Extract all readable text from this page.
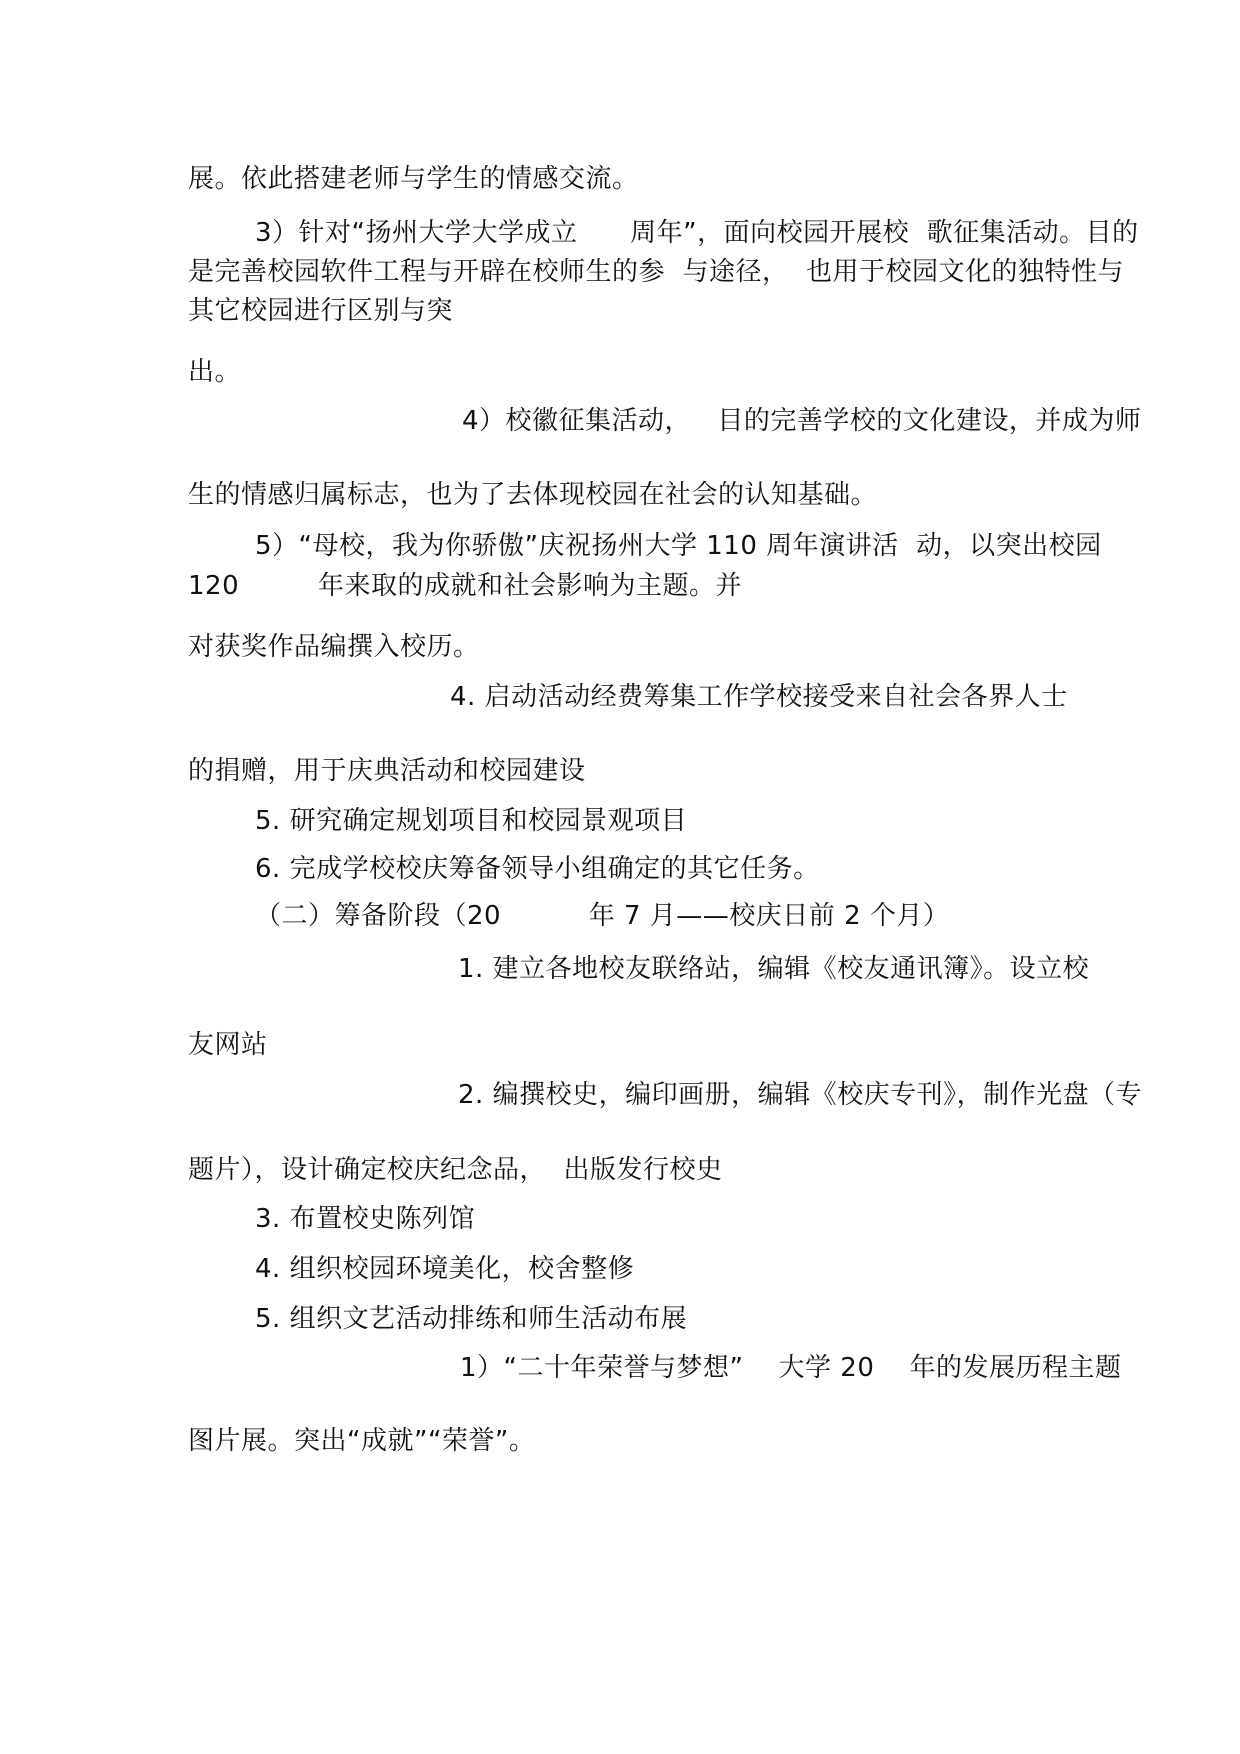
展。依此搭建老师与学生的情感交流。
3）针对“扬州大学大学成立      周年”，面向校园开展校  歌征集活动。目的
是完善校园软件工程与开辟在校师生的参  与途径，  也用于校园文化的独特性与
其它校园进行区别与突
出。
4）校徽征集活动，   目的完善学校的文化建设，并成为师
生的情感归属标志，也为了去体现校园在社会的认知基础。
5）“母校，我为你骄傲”庆祝扬州大学 110 周年演讲活  动，以突出校园
120         年来取的成就和社会影响为主题。并
对获奖作品编撰入校历。
4. 启动活动经费筹集工作学校接受来自社会各界人士
的捐赠，用于庆典活动和校园建设
5. 研究确定规划项目和校园景观项目
6. 完成学校校庆筹备领导小组确定的其它任务。
（二）筹备阶段（20          年 7 月——校庆日前 2 个月）
1. 建立各地校友联络站，编辑《校友通讯簿》。设立校
友网站
2. 编撰校史，编印画册，编辑《校庆专刊》，制作光盘（专
题片），设计确定校庆纪念品，  出版发行校史
3. 布置校史陈列馆
4. 组织校园环境美化，校舍整修
5. 组织文艺活动排练和师生活动布展
1）“二十年荣誉与梦想”    大学 20    年的发展历程主题
图片展。突出“成就”“荣誉”。
